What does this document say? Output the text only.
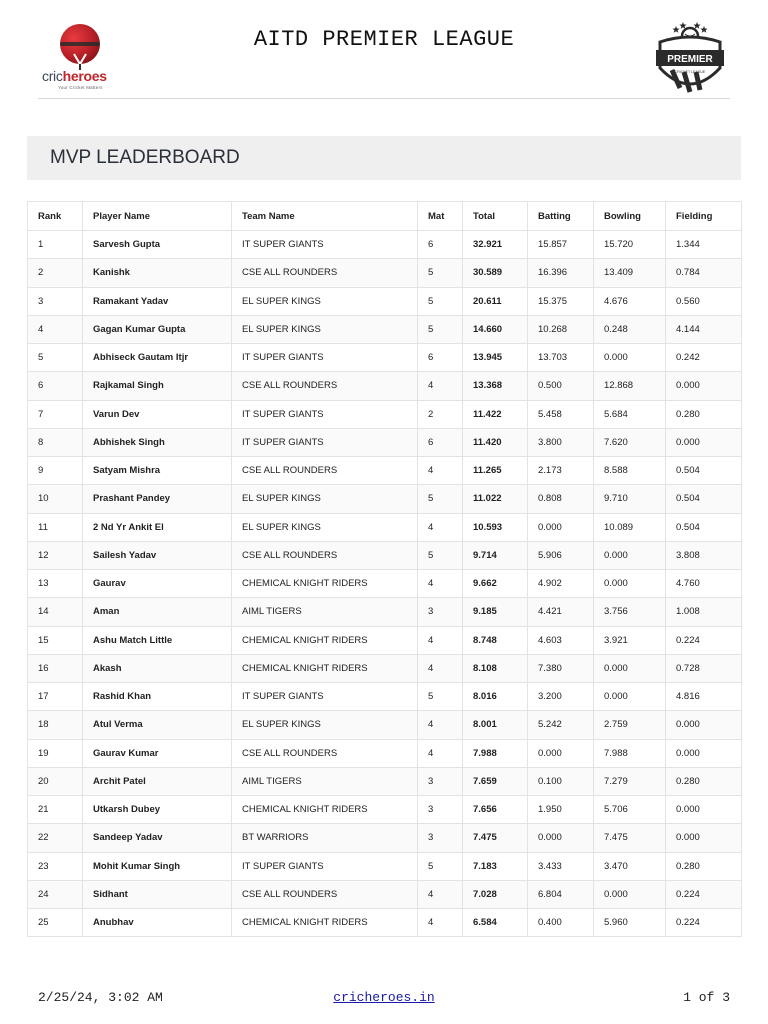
cricheroes
Your Cricket Matters
AITD PREMIER LEAGUE
PREMIER
CRICKET LEAGUE
MVP LEADERBOARD
Rank	Player Name	Team Name	Mat	Total	Batting	Bowling	Fielding
1	Sarvesh Gupta	IT SUPER GIANTS	6	32.921	15.857	15.720	1.344
2	Kanishk	CSE ALL ROUNDERS	5	30.589	16.396	13.409	0.784
3	Ramakant Yadav	EL SUPER KINGS	5	20.611	15.375	4.676	0.560
4	Gagan Kumar Gupta	EL SUPER KINGS	5	14.660	10.268	0.248	4.144
5	Abhiseck Gautam Itjr	IT SUPER GIANTS	6	13.945	13.703	0.000	0.242
6	Rajkamal Singh	CSE ALL ROUNDERS	4	13.368	0.500	12.868	0.000
7	Varun Dev	IT SUPER GIANTS	2	11.422	5.458	5.684	0.280
8	Abhishek Singh	IT SUPER GIANTS	6	11.420	3.800	7.620	0.000
9	Satyam Mishra	CSE ALL ROUNDERS	4	11.265	2.173	8.588	0.504
10	Prashant Pandey	EL SUPER KINGS	5	11.022	0.808	9.710	0.504
11	2 Nd Yr Ankit El	EL SUPER KINGS	4	10.593	0.000	10.089	0.504
12	Sailesh Yadav	CSE ALL ROUNDERS	5	9.714	5.906	0.000	3.808
13	Gaurav	CHEMICAL KNIGHT RIDERS	4	9.662	4.902	0.000	4.760
14	Aman	AIML TIGERS	3	9.185	4.421	3.756	1.008
15	Ashu Match Little	CHEMICAL KNIGHT RIDERS	4	8.748	4.603	3.921	0.224
16	Akash	CHEMICAL KNIGHT RIDERS	4	8.108	7.380	0.000	0.728
17	Rashid Khan	IT SUPER GIANTS	5	8.016	3.200	0.000	4.816
18	Atul Verma	EL SUPER KINGS	4	8.001	5.242	2.759	0.000
19	Gaurav Kumar	CSE ALL ROUNDERS	4	7.988	0.000	7.988	0.000
20	Archit Patel	AIML TIGERS	3	7.659	0.100	7.279	0.280
21	Utkarsh Dubey	CHEMICAL KNIGHT RIDERS	3	7.656	1.950	5.706	0.000
22	Sandeep Yadav	BT WARRIORS	3	7.475	0.000	7.475	0.000
23	Mohit Kumar Singh	IT SUPER GIANTS	5	7.183	3.433	3.470	0.280
24	Sidhant	CSE ALL ROUNDERS	4	7.028	6.804	0.000	0.224
25	Anubhav	CHEMICAL KNIGHT RIDERS	4	6.584	0.400	5.960	0.224
2/25/24, 3:02 AM	cricheroes.in	1 of 3
